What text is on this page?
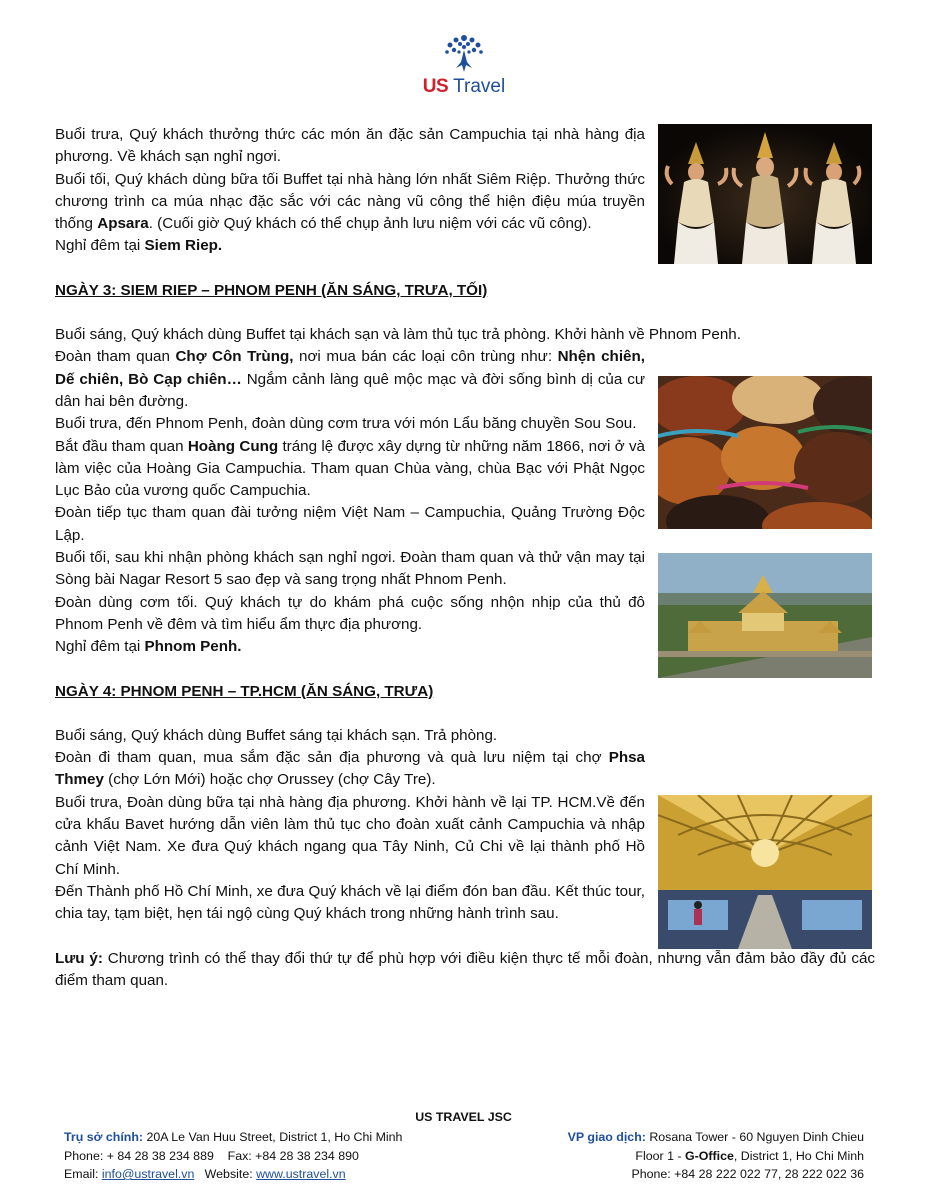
US Travel

Buổi trưa, Quý khách thưởng thức các món ăn đặc sản Campuchia tại nhà hàng địa phương. Về khách sạn nghỉ ngơi.

Buổi tối, Quý khách dùng bữa tối Buffet tại nhà hàng lớn nhất Siêm Riệp. Thưởng thức chương trình ca múa nhạc đặc sắc với các nàng vũ công thể hiện điệu múa truyền thống Apsara. (Cuối giờ Quý khách có thể chụp ảnh lưu niệm với các vũ công).

Nghỉ đêm tại Siem Riep.

NGÀY 3: SIEM RIEP – PHNOM PENH (ĂN SÁNG, TRƯA, TỐI)

Buổi sáng, Quý khách dùng Buffet tại khách sạn và làm thủ tục trả phòng. Khởi hành về Phnom Penh.

Đoàn tham quan Chợ Côn Trùng, nơi mua bán các loại côn trùng như: Nhện chiên, Dế chiên, Bò Cạp chiên… Ngắm cảnh làng quê mộc mạc và đời sống bình dị của cư dân hai bên đường.

Buổi trưa, đến Phnom Penh, đoàn dùng cơm trưa với món Lẩu băng chuyền Sou Sou.

Bắt đầu tham quan Hoàng Cung tráng lệ được xây dựng từ những năm 1866, nơi ở và làm việc của Hoàng Gia Campuchia. Tham quan Chùa vàng, chùa Bạc với Phật Ngọc Lục Bảo của vương quốc Campuchia.

Đoàn tiếp tục tham quan đài tưởng niệm Việt Nam – Campuchia, Quảng Trường Độc Lập.

Buổi tối, sau khi nhận phòng khách sạn nghỉ ngơi. Đoàn tham quan và thử vận may tại Sòng bài Nagar Resort 5 sao đẹp và sang trọng nhất Phnom Penh.

Đoàn dùng cơm tối. Quý khách tự do khám phá cuộc sống nhộn nhịp của thủ đô Phnom Penh về đêm và tìm hiểu ẩm thực địa phương.

Nghỉ đêm tại Phnom Penh.

NGÀY 4: PHNOM PENH – TP.HCM (ĂN SÁNG, TRƯA)

Buổi sáng, Quý khách dùng Buffet sáng tại khách sạn. Trả phòng.

Đoàn đi tham quan, mua sắm đặc sản địa phương và quà lưu niệm tại chợ Phsa Thmey (chợ Lớn Mới) hoặc chợ Orussey (chợ Cây Tre).

Buổi trưa, Đoàn dùng bữa tại nhà hàng địa phương. Khởi hành về lại TP. HCM.Về đến cửa khẩu Bavet hướng dẫn viên làm thủ tục cho đoàn xuất cảnh Campuchia và nhập cảnh Việt Nam. Xe đưa Quý khách ngang qua Tây Ninh, Củ Chi về lại thành phố Hồ Chí Minh.

Đến Thành phố Hồ Chí Minh, xe đưa Quý khách về lại điểm đón ban đầu. Kết thúc tour, chia tay, tạm biệt, hẹn tái ngộ cùng Quý khách trong những hành trình sau.

Lưu ý: Chương trình có thể thay đổi thứ tự để phù hợp với điều kiện thực tế mỗi đoàn, nhưng vẫn đảm bảo đầy đủ các điểm tham quan.

US TRAVEL JSC
Trụ sở chính: 20A Le Van Huu Street, District 1, Ho Chi Minh
Phone: + 84 28 38 234 889    Fax: +84 28 38 234 890
Email: info@ustravel.vn   Website: www.ustravel.vn
VP giao dịch: Rosana Tower - 60 Nguyen Dinh Chieu
Floor 1 - G-Office, District 1, Ho Chi Minh
Phone: +84 28 222 022 77, 28 222 022 36
